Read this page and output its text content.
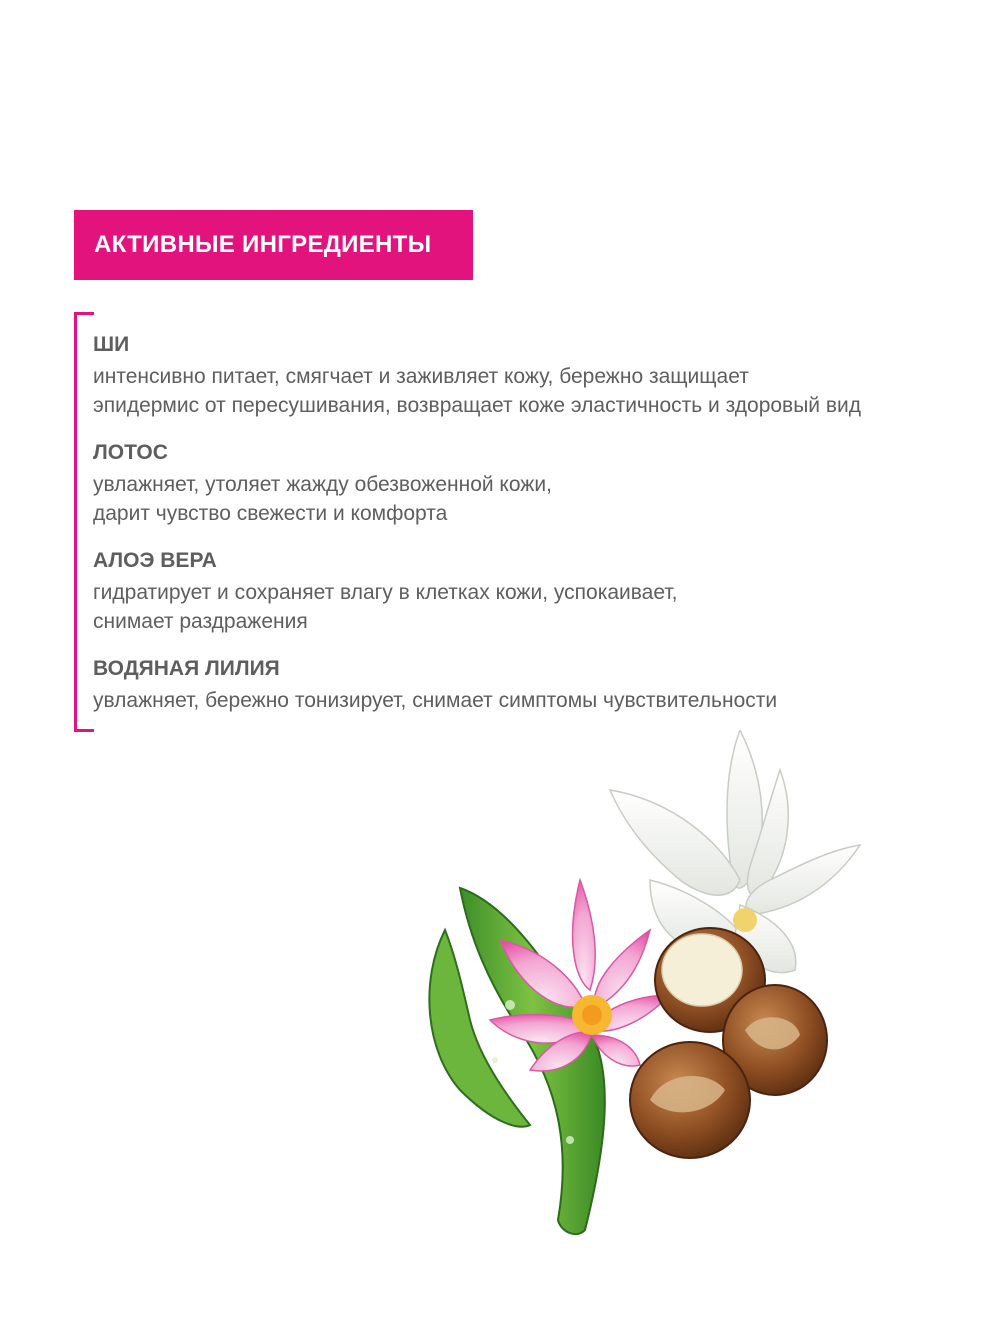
АКТИВНЫЕ ИНГРЕДИЕНТЫ
ШИ
интенсивно питает, смягчает и заживляет кожу, бережно защищает
эпидермис от пересушивания, возвращает коже эластичность и здоровый вид
ЛОТОС
увлажняет, утоляет жажду обезвоженной кожи,
дарит чувство свежести и комфорта
АЛОЭ ВЕРА
гидратирует и сохраняет влагу в клетках кожи, успокаивает,
снимает раздражения
ВОДЯНАЯ ЛИЛИЯ
увлажняет, бережно тонизирует, снимает симптомы чувствительности
